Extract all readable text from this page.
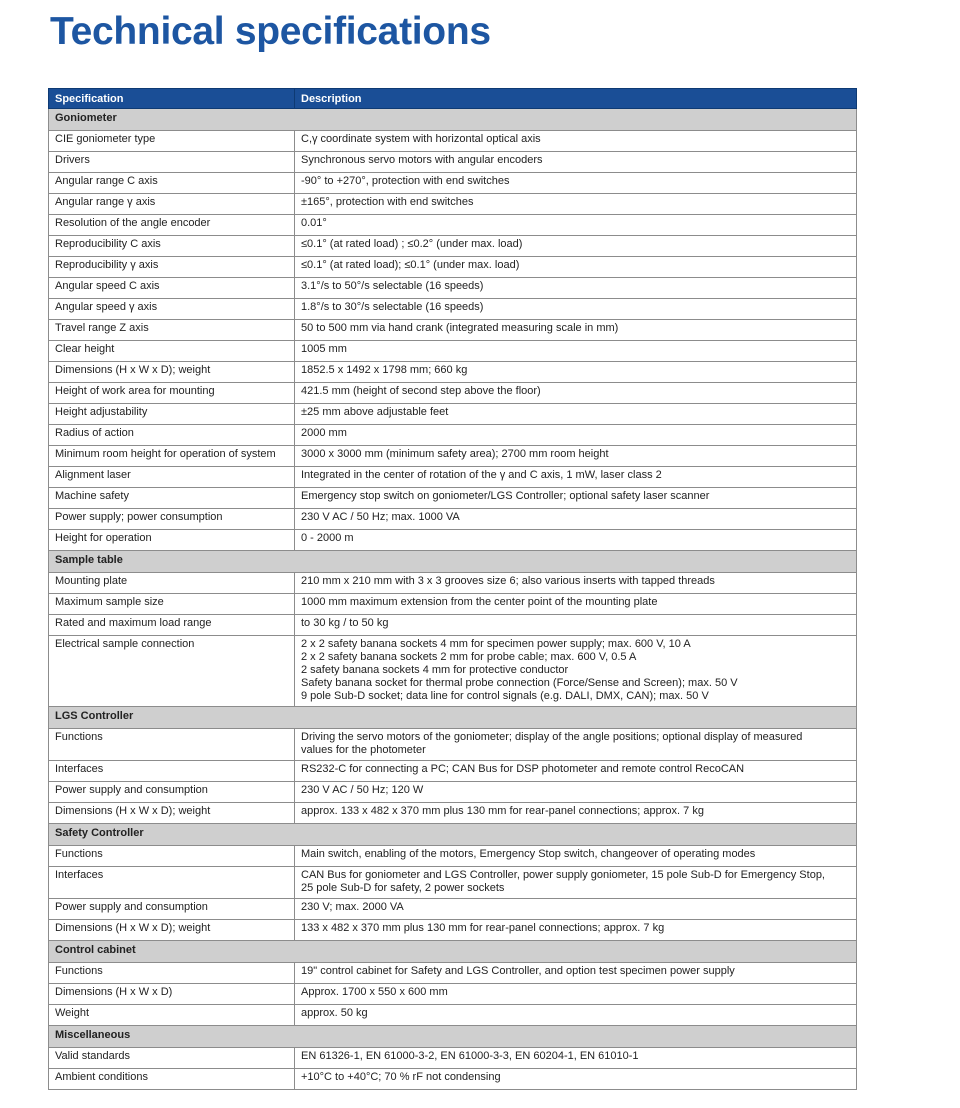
Technical specifications
Specification	Description
Goniometer	
CIE goniometer type	C,γ coordinate system with horizontal optical axis
Drivers	Synchronous servo motors with angular encoders
Angular range C axis	-90° to +270°, protection with end switches
Angular range γ axis	±165°, protection with end switches
Resolution of the angle encoder	0.01°
Reproducibility C axis	≤0.1° (at rated load) ; ≤0.2° (under max. load)
Reproducibility γ axis	≤0.1° (at rated load); ≤0.1° (under max. load)
Angular speed C axis	3.1°/s to 50°/s selectable (16 speeds)
Angular speed γ axis	1.8°/s to 30°/s selectable (16 speeds)
Travel range Z axis	50 to 500 mm via hand crank (integrated measuring scale in mm)
Clear height	1005 mm
Dimensions (H x W x D); weight	1852.5 x 1492 x 1798 mm; 660 kg
Height of work area for mounting	421.5 mm (height of second step above the floor)
Height adjustability	±25 mm above adjustable feet
Radius of action	2000 mm
Minimum room height for operation of system	3000 x 3000 mm (minimum safety area); 2700 mm room height
Alignment laser	Integrated in the center of rotation of the γ and C axis, 1 mW, laser class 2
Machine safety	Emergency stop switch on goniometer/LGS Controller; optional safety laser scanner
Power supply; power consumption	230 V AC / 50 Hz; max. 1000 VA
Height for operation	0 - 2000 m
Sample table	
Mounting plate	210 mm x 210 mm with 3 x 3 grooves size 6; also various inserts with tapped threads
Maximum sample size	1000 mm maximum extension from the center point of the mounting plate
Rated and maximum load range	to 30 kg / to 50 kg
Electrical sample connection	2 x 2 safety banana sockets 4 mm for specimen power supply; max. 600 V, 10 A
2 x 2 safety banana sockets 2 mm for probe cable; max. 600 V, 0.5 A
2 safety banana sockets 4 mm for protective conductor
Safety banana socket for thermal probe connection (Force/Sense and Screen); max. 50 V
9 pole Sub-D socket; data line for control signals (e.g. DALI, DMX, CAN); max. 50 V

LGS Controller	
Functions	Driving the servo motors of the goniometer; display of the angle positions; optional display of measured
values for the photometer

Interfaces	RS232-C for connecting a PC; CAN Bus for DSP photometer and remote control RecoCAN
Power supply and consumption	230 V AC / 50 Hz; 120 W
Dimensions (H x W x D); weight	approx. 133 x 482 x 370 mm plus 130 mm for rear-panel connections; approx. 7 kg
Safety Controller	
Functions	Main switch, enabling of the motors, Emergency Stop switch, changeover of operating modes
Interfaces	CAN Bus for goniometer and LGS Controller, power supply goniometer, 15 pole Sub-D for Emergency Stop,
25 pole Sub-D for safety, 2 power sockets

Power supply and consumption	230 V; max. 2000 VA
Dimensions (H x W x D); weight	133 x 482 x 370 mm plus 130 mm for rear-panel connections; approx. 7 kg
Control cabinet	
Functions	19" control cabinet for Safety and LGS Controller, and option test specimen power supply
Dimensions (H x W x D)	Approx. 1700 x 550 x 600 mm
Weight	approx. 50 kg
Miscellaneous	
Valid standards	EN 61326-1, EN 61000-3-2, EN 61000-3-3, EN 60204-1, EN 61010-1
Ambient conditions	+10°C to +40°C; 70 % rF not condensing
